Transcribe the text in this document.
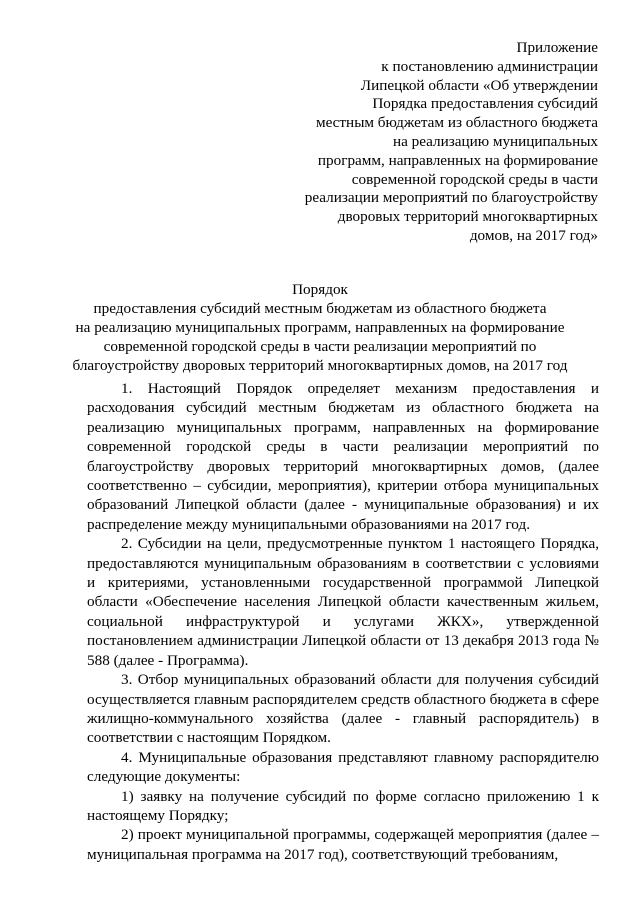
Приложение
к постановлению администрации
Липецкой области «Об утверждении
Порядка предоставления субсидий
местным бюджетам из областного бюджета
на реализацию муниципальных
программ, направленных на формирование
современной городской среды в части
реализации мероприятий по благоустройству
дворовых территорий многоквартирных
домов, на 2017 год»
Порядок
предоставления субсидий местным бюджетам из областного бюджета
на реализацию муниципальных программ, направленных на формирование
современной городской среды в части реализации мероприятий по
благоустройству дворовых территорий многоквартирных домов, на 2017 год

1. Настоящий Порядок определяет механизм предоставления и расходования субсидий местным бюджетам из областного бюджета на реализацию муниципальных программ, направленных на формирование современной городской среды в части реализации мероприятий по благоустройству дворовых территорий многоквартирных домов, (далее соответственно – субсидии, мероприятия), критерии отбора муниципальных образований Липецкой области (далее - муниципальные образования) и их распределение между муниципальными образованиями на 2017 год.

2. Субсидии на цели, предусмотренные пунктом 1 настоящего Порядка, предоставляются муниципальным образованиям в соответствии с условиями и критериями, установленными государственной программой Липецкой области «Обеспечение населения Липецкой области качественным жильем, социальной инфраструктурой и услугами ЖКХ», утвержденной постановлением администрации Липецкой области от 13 декабря 2013 года № 588 (далее - Программа).

3. Отбор муниципальных образований области для получения субсидий осуществляется главным распорядителем средств областного бюджета в сфере жилищно-коммунального хозяйства (далее - главный распорядитель) в соответствии с настоящим Порядком.

4. Муниципальные образования представляют главному распорядителю следующие документы:

1) заявку на получение субсидий по форме согласно приложению 1 к настоящему Порядку;

2) проект муниципальной программы, содержащей мероприятия (далее – муниципальная программа на 2017 год), соответствующий требованиям,
